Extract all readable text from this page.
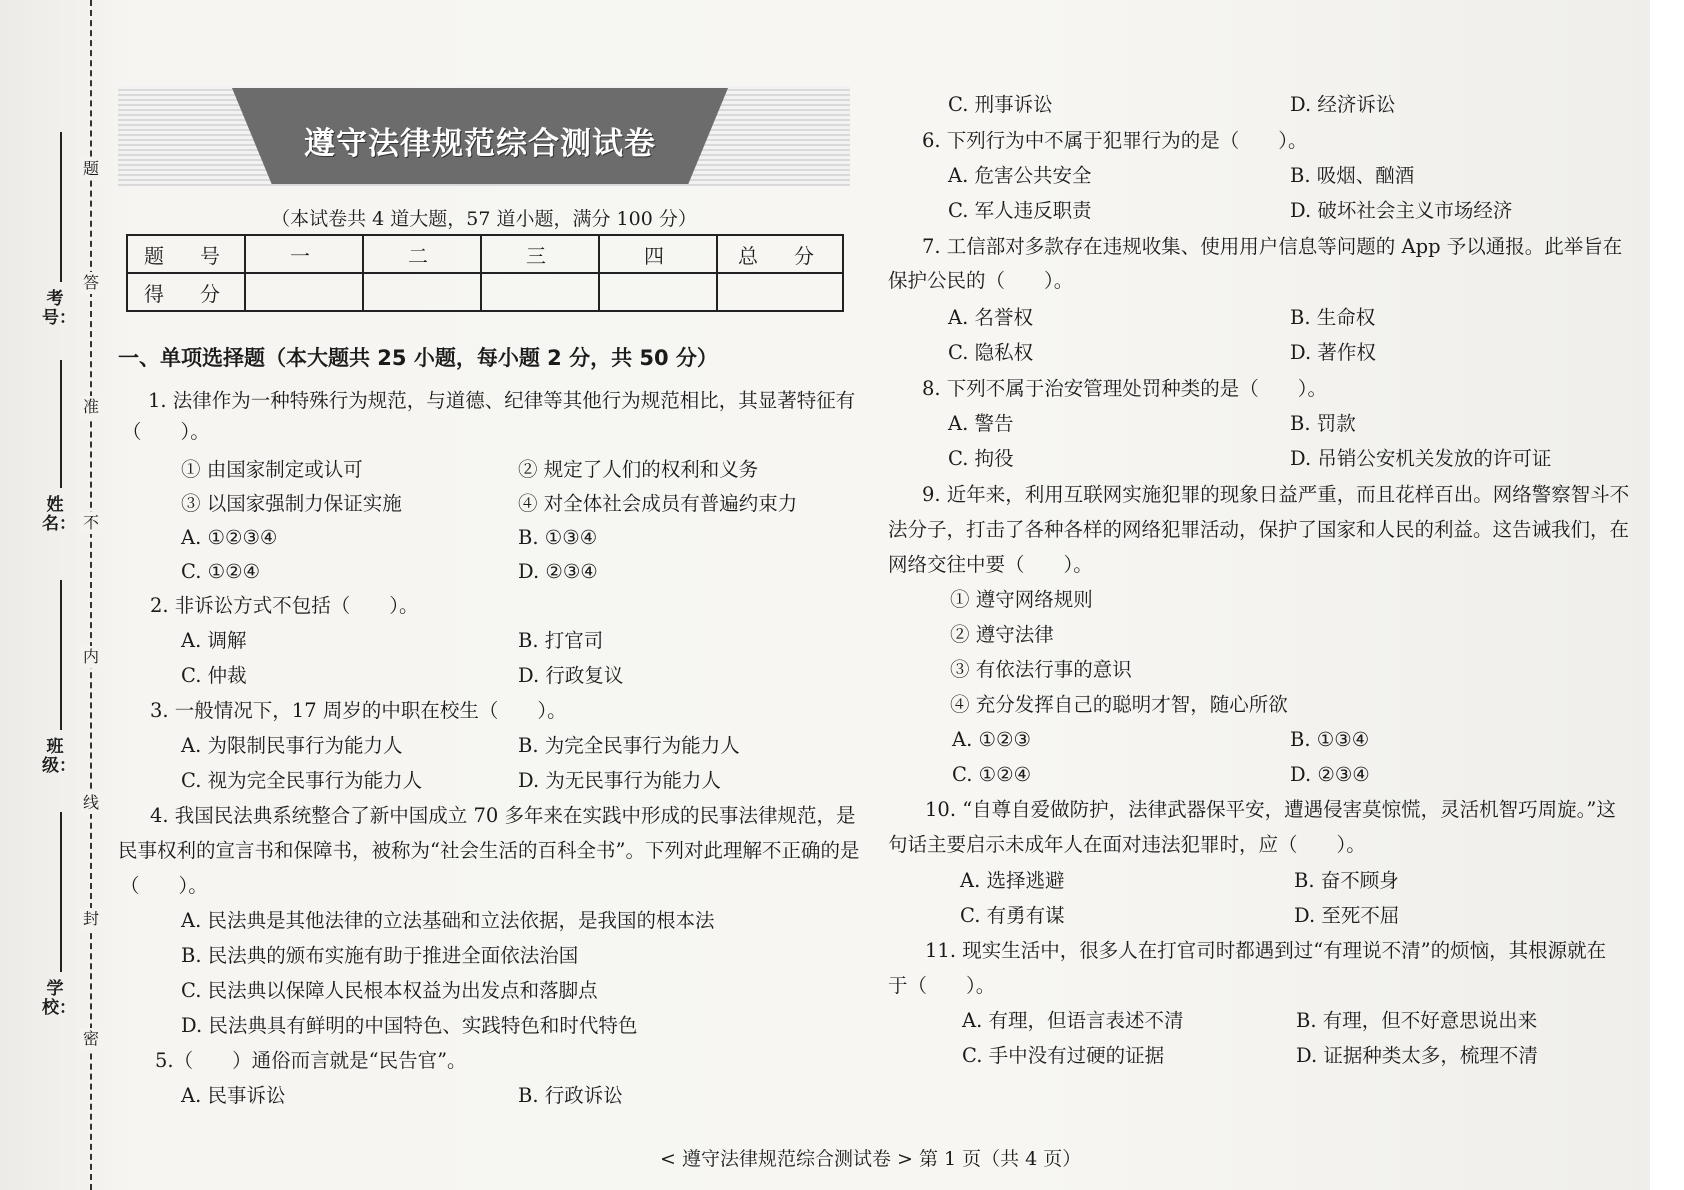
考号：
姓名：
班级：
学校：
题
答
准
不
内
线
封
密
遵守法律规范综合测试卷
（本试卷共 4 道大题，57 道小题，满分 100 分）
题　号	一	二	三	四	总　分
得　分					
一、单项选择题（本大题共 25 小题，每小题 2 分，共 50 分）
1. 法律作为一种特殊行为规范，与道德、纪律等其他行为规范相比，其显著特征有
（　　）。
① 由国家制定或认可	② 规定了人们的权利和义务
③ 以国家强制力保证实施	④ 对全体社会成员有普遍约束力
A. ①②③④	B. ①③④
C. ①②④	D. ②③④
2. 非诉讼方式不包括（　　）。
A. 调解	B. 打官司
C. 仲裁	D. 行政复议
3. 一般情况下，17 周岁的中职在校生（　　）。
A. 为限制民事行为能力人	B. 为完全民事行为能力人
C. 视为完全民事行为能力人	D. 为无民事行为能力人
4. 我国民法典系统整合了新中国成立 70 多年来在实践中形成的民事法律规范，是
民事权利的宣言书和保障书，被称为“社会生活的百科全书”。下列对此理解不正确的是
（　　）。
A. 民法典是其他法律的立法基础和立法依据，是我国的根本法
B. 民法典的颁布实施有助于推进全面依法治国
C. 民法典以保障人民根本权益为出发点和落脚点
D. 民法典具有鲜明的中国特色、实践特色和时代特色
5.（　　）通俗而言就是“民告官”。
A. 民事诉讼	B. 行政诉讼
C. 刑事诉讼	D. 经济诉讼
6. 下列行为中不属于犯罪行为的是（　　）。
A. 危害公共安全	B. 吸烟、酗酒
C. 军人违反职责	D. 破坏社会主义市场经济
7. 工信部对多款存在违规收集、使用用户信息等问题的 App 予以通报。此举旨在
保护公民的（　　）。
A. 名誉权	B. 生命权
C. 隐私权	D. 著作权
8. 下列不属于治安管理处罚种类的是（　　）。
A. 警告	B. 罚款
C. 拘役	D. 吊销公安机关发放的许可证
9. 近年来，利用互联网实施犯罪的现象日益严重，而且花样百出。网络警察智斗不
法分子，打击了各种各样的网络犯罪活动，保护了国家和人民的利益。这告诫我们，在
网络交往中要（　　）。
① 遵守网络规则
② 遵守法律
③ 有依法行事的意识
④ 充分发挥自己的聪明才智，随心所欲
A. ①②③	B. ①③④
C. ①②④	D. ②③④
10. “自尊自爱做防护，法律武器保平安，遭遇侵害莫惊慌，灵活机智巧周旋。”这
句话主要启示未成年人在面对违法犯罪时，应（　　）。
A. 选择逃避	B. 奋不顾身
C. 有勇有谋	D. 至死不屈
11. 现实生活中，很多人在打官司时都遇到过“有理说不清”的烦恼，其根源就在
于（　　）。
A. 有理，但语言表述不清	B. 有理，但不好意思说出来
C. 手中没有过硬的证据	D. 证据种类太多，梳理不清
< 遵守法律规范综合测试卷 > 第 1 页（共 4 页）
